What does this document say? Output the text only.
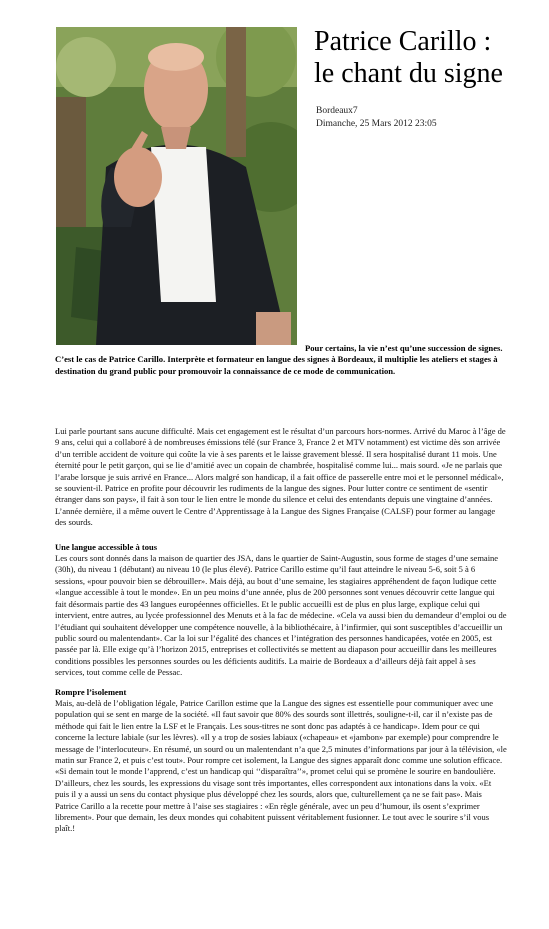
Patrice Carillo :
le chant du signe
Bordeaux7
Dimanche, 25 Mars 2012 23:05

Pour certains, la vie n’est qu’une succession de signes. C’est le cas de Patrice Carillo. Interprète et formateur en langue des signes à Bordeaux, il multiplie les ateliers et stages à destination du grand public pour promouvoir la connaissance de ce mode de communication.

Lui parle pourtant sans aucune difficulté. Mais cet engagement est le résultat d’un parcours hors-normes. Arrivé du Maroc à l’âge de 9 ans, celui qui a collaboré à de nombreuses émissions télé (sur France 3, France 2 et MTV notamment) est victime dès son arrivée d’un terrible accident de voiture qui coûte la vie à ses parents et le laisse gravement blessé. Il sera hospitalisé durant 11 mois. Une éternité pour le petit garçon, qui se lie d’amitié avec un copain de chambrée, hospitalisé comme lui... mais sourd. «Je ne parlais que l’arabe lorsque je suis arrivé en France... Alors malgré son handicap, il a fait office de passerelle entre moi et le personnel médical», se souvient-il. Patrice en profite pour découvrir les rudiments de la langue des signes. Pour lutter contre ce sentiment de «sentir étranger dans son pays», il fait à son tour le lien entre le monde du silence et celui des entendants depuis une vingtaine d’années. L’année dernière, il a même ouvert le Centre d’Apprentissage à la Langue des Signes Française (CALSF) pour former au langage des sourds.

Une langue accessible à tous

Les cours sont donnés dans la maison de quartier des JSA, dans le quartier de Saint-Augustin, sous forme de stages d’une semaine (30h), du niveau 1 (débutant) au niveau 10 (le plus élevé). Patrice Carillo estime qu’il faut atteindre le niveau 5-6, soit 5 à 6 sessions, «pour pouvoir bien se débrouiller». Mais déjà, au bout d’une semaine, les stagiaires appréhendent de façon ludique cette «langue accessible à tout le monde». En un peu moins d’une année, plus de 200 personnes sont venues découvrir cette langue qui fait désormais partie des 43 langues européennes officielles. Et le public accueilli est de plus en plus large, explique celui qui intervient, entre autres, au lycée professionnel des Menuts et à la fac de médecine. «Cela va aussi bien du demandeur d’emploi ou de l’étudiant qui souhaitent développer une compétence nouvelle, à la bibliothécaire, à l’infirmier, qui sont susceptibles d’accueillir un public sourd ou malentendant». Car la loi sur l’égalité des chances et l’intégration des personnes handicapées, votée en 2005, est passée par là. Elle exige qu’à l’horizon 2015, entreprises et collectivités se mettent au diapason pour accueillir dans les meilleures conditions possibles les personnes sourdes ou les déficients auditifs. La mairie de Bordeaux a d’ailleurs déjà fait appel à ses services, tout comme celle de Pessac.

Rompre l’isolement

Mais, au-delà de l’obligation légale, Patrice Carillon estime que la Langue des signes est essentielle pour communiquer avec une population qui se sent en marge de la société. «Il faut savoir que 80% des sourds sont illettrés, souligne-t-il, car il n’existe pas de méthode qui fait le lien entre la LSF et le Français. Les sous-titres ne sont donc pas adaptés à ce handicap». Idem pour ce qui concerne la lecture labiale (sur les lèvres). «Il y a trop de sosies labiaux («chapeau» et «jambon» par exemple) pour comprendre le message de l’interlocuteur». En résumé, un sourd ou un malentendant n’a que 2,5 minutes d’informations par jour à la télévision, «le matin sur France 2, et puis c’est tout». Pour rompre cet isolement, la Langue des signes apparaît donc comme une solution efficace. «Si demain tout le monde l’apprend, c’est un handicap qui ‘‘disparaîtra’’», promet celui qui se promène le sourire en bandoulière. D’ailleurs, chez les sourds, les expressions du visage sont très importantes, elles correspondent aux intonations dans la voix. «Et puis il y a aussi un sens du contact physique plus développé chez les sourds, alors que, culturellement ça ne se fait pas». Mais Patrice Carillo a la recette pour mettre à l’aise ses stagiaires : «En règle générale, avec un peu d’humour, ils osent s’exprimer librement». Pour que demain, les deux mondes qui cohabitent puissent véritablement fusionner. Le tout avec le sourire s’il vous plaît.!
